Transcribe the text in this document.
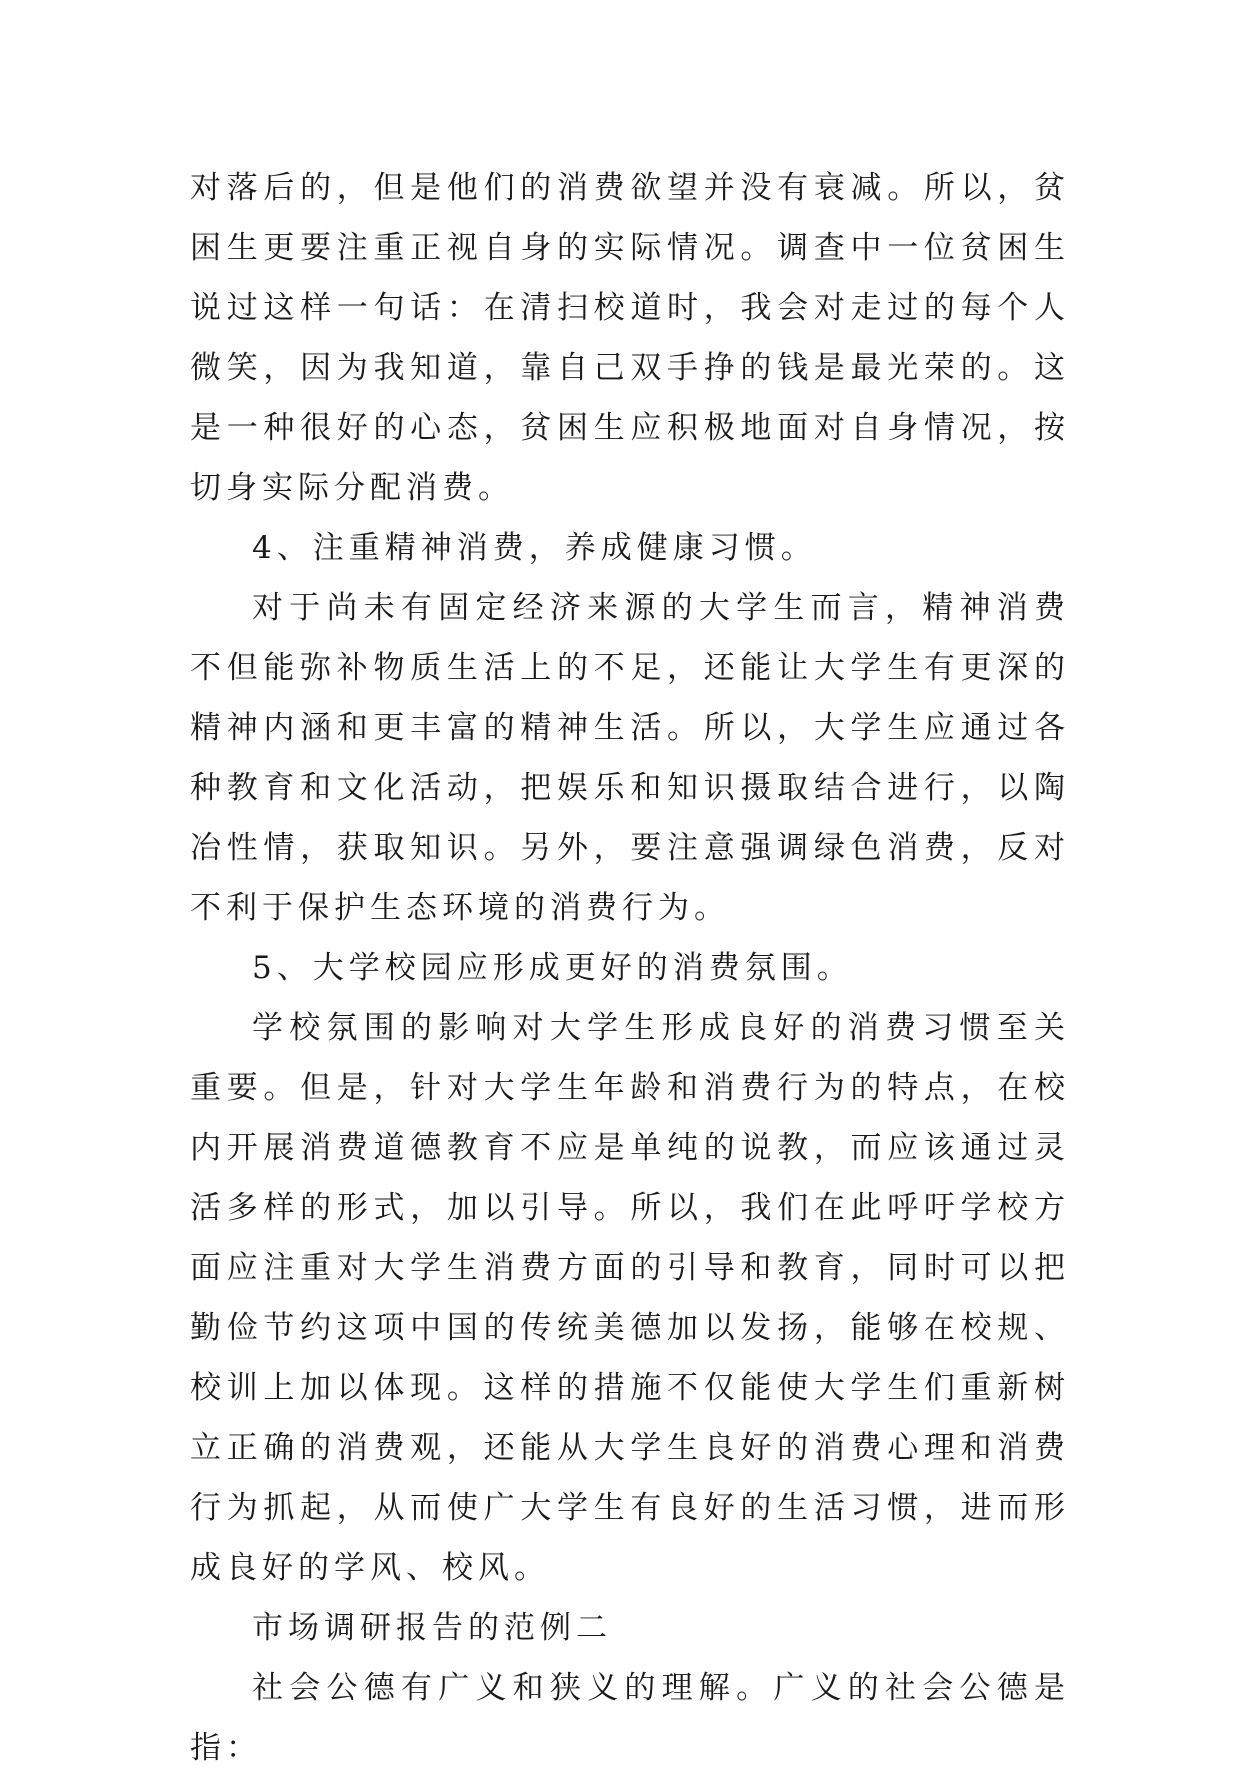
对落后的，但是他们的消费欲望并没有衰减。所以，贫困生更要注重正视自身的实际情况。调查中一位贫困生说过这样一句话：在清扫校道时，我会对走过的每个人微笑，因为我知道，靠自己双手挣的钱是最光荣的。这是一种很好的心态，贫困生应积极地面对自身情况，按切身实际分配消费。

4、注重精神消费，养成健康习惯。

对于尚未有固定经济来源的大学生而言，精神消费不但能弥补物质生活上的不足，还能让大学生有更深的精神内涵和更丰富的精神生活。所以，大学生应通过各种教育和文化活动，把娱乐和知识摄取结合进行，以陶冶性情，获取知识。另外，要注意强调绿色消费，反对不利于保护生态环境的消费行为。

5、大学校园应形成更好的消费氛围。

学校氛围的影响对大学生形成良好的消费习惯至关重要。但是，针对大学生年龄和消费行为的特点，在校内开展消费道德教育不应是单纯的说教，而应该通过灵活多样的形式，加以引导。所以，我们在此呼吁学校方面应注重对大学生消费方面的引导和教育，同时可以把勤俭节约这项中国的传统美德加以发扬，能够在校规、校训上加以体现。这样的措施不仅能使大学生们重新树立正确的消费观，还能从大学生良好的消费心理和消费行为抓起，从而使广大学生有良好的生活习惯，进而形成良好的学风、校风。

市场调研报告的范例二

社会公德有广义和狭义的理解。广义的社会公德是指：
